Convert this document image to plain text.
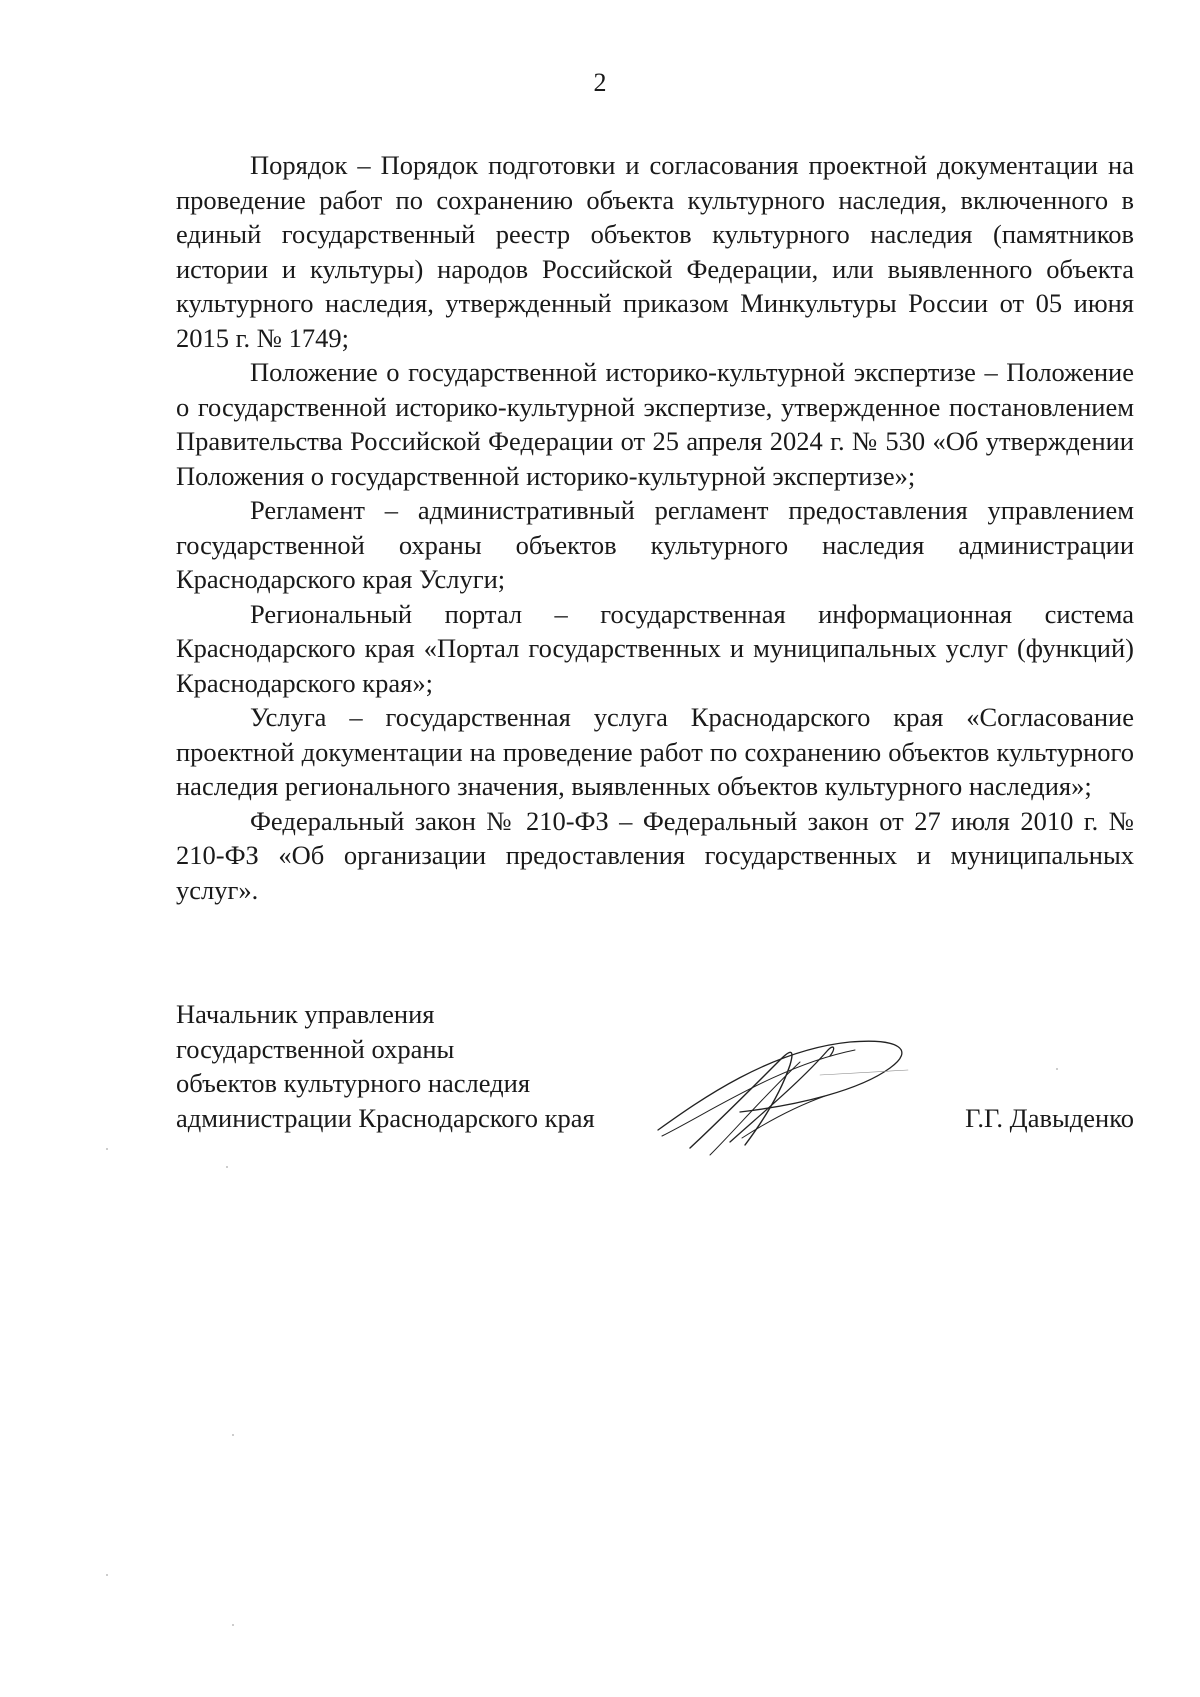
2

Порядок – Порядок подготовки и согласования проектной документации на проведение работ по сохранению объекта культурного наследия, включенного в единый государственный реестр объектов культурного наследия (памятников истории и культуры) народов Российской Федерации, или выявленного объекта культурного наследия, утвержденный приказом Минкультуры России от 05 июня 2015 г. № 1749;

Положение о государственной историко-культурной экспертизе – Положение о государственной историко-культурной экспертизе, утвержденное постановлением Правительства Российской Федерации от 25 апреля 2024 г. № 530 «Об утверждении Положения о государственной историко-культурной экспертизе»;

Регламент – административный регламент предоставления управлением государственной охраны объектов культурного наследия администрации Краснодарского края Услуги;

Региональный портал – государственная информационная система Краснодарского края «Портал государственных и муниципальных услуг (функций) Краснодарского края»;

Услуга – государственная услуга Краснодарского края «Согласование проектной документации на проведение работ по сохранению объектов культурного наследия регионального значения, выявленных объектов культурного наследия»;

Федеральный закон № 210-ФЗ – Федеральный закон от 27 июля 2010 г. № 210-ФЗ «Об организации предоставления государственных и муниципальных услуг».

Начальник управления
государственной охраны
объектов культурного наследия
администрации Краснодарского края	Г.Г. Давыденко
